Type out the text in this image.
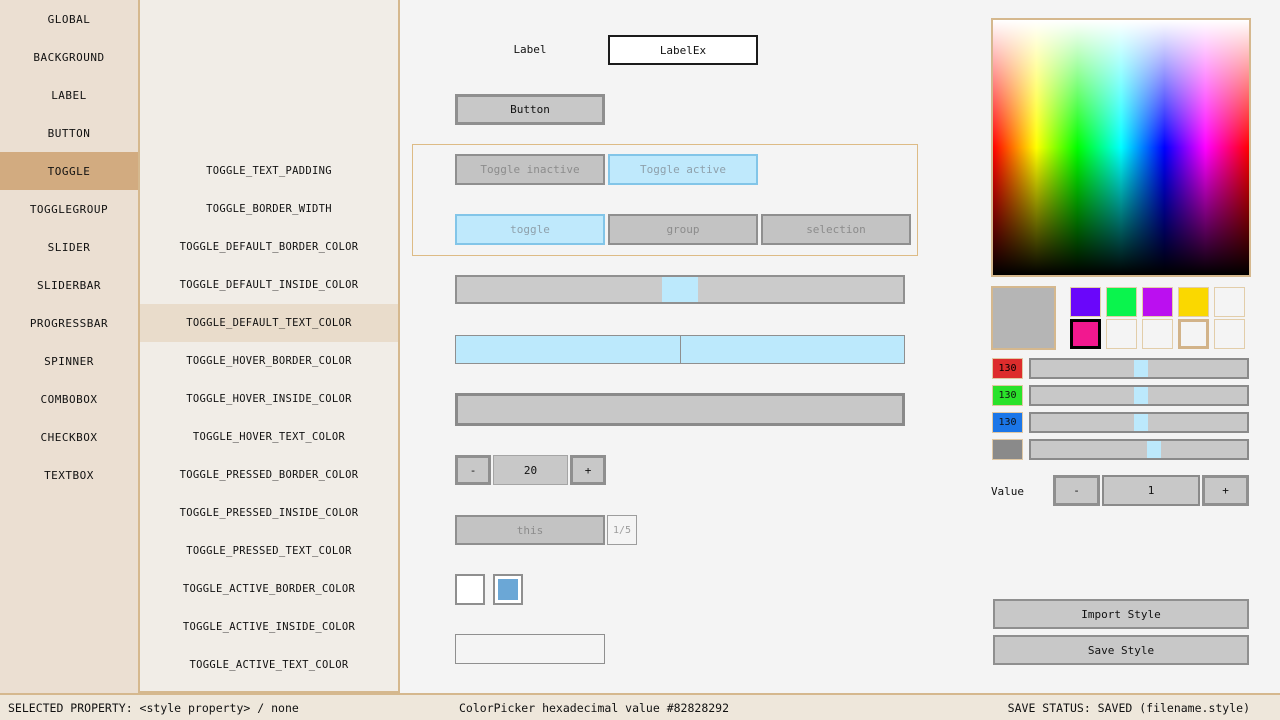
GLOBAL
BACKGROUND
LABEL
BUTTON
TOGGLE
TOGGLEGROUP
SLIDER
SLIDERBAR
PROGRESSBAR
SPINNER
COMBOBOX
CHECKBOX
TEXTBOX
TOGGLE_TEXT_PADDING
TOGGLE_BORDER_WIDTH
TOGGLE_DEFAULT_BORDER_COLOR
TOGGLE_DEFAULT_INSIDE_COLOR
TOGGLE_DEFAULT_TEXT_COLOR
TOGGLE_HOVER_BORDER_COLOR
TOGGLE_HOVER_INSIDE_COLOR
TOGGLE_HOVER_TEXT_COLOR
TOGGLE_PRESSED_BORDER_COLOR
TOGGLE_PRESSED_INSIDE_COLOR
TOGGLE_PRESSED_TEXT_COLOR
TOGGLE_ACTIVE_BORDER_COLOR
TOGGLE_ACTIVE_INSIDE_COLOR
TOGGLE_ACTIVE_TEXT_COLOR
Label	LabelEx
Button
Toggle inactive	Toggle active
toggle	group	selection
-	20	+
this	1/5
130
130
130
Value	-	1	+
Import Style
Save Style
SELECTED PROPERTY: <style property> / none	ColorPicker hexadecimal value #82828292	SAVE STATUS: SAVED (filename.style)
